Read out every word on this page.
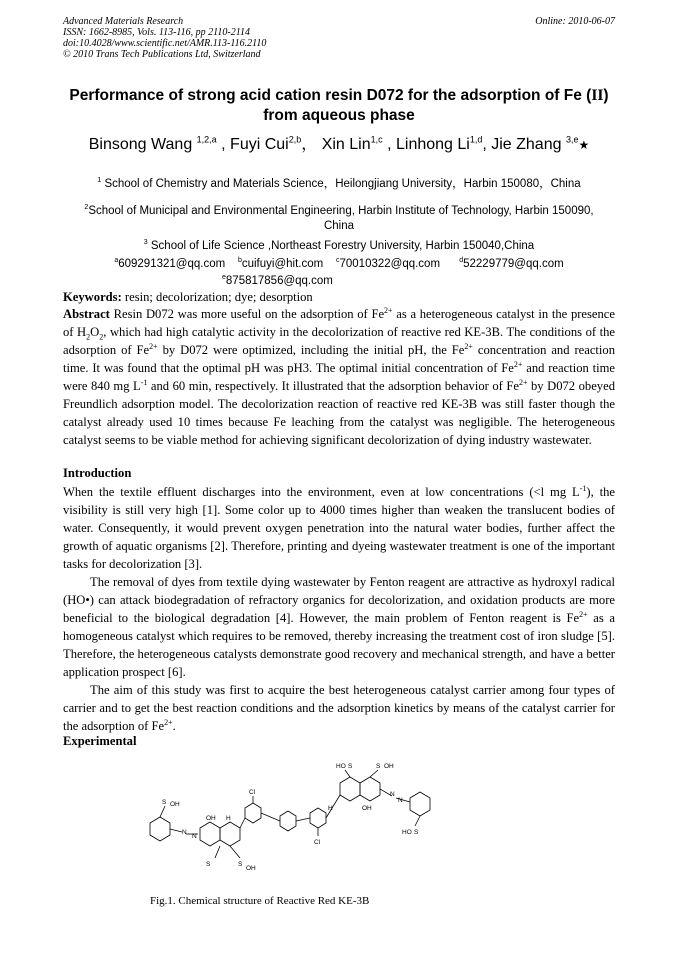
Advanced Materials Research
ISSN: 1662-8985, Vols. 113-116, pp 2110-2114
doi:10.4028/www.scientific.net/AMR.113-116.2110
© 2010 Trans Tech Publications Ltd, Switzerland
Online: 2010-06-07
Performance of strong acid cation resin D072 for the adsorption of Fe (II)
from aqueous phase
Binsong Wang $^{1,2,a}$ , Fuyi Cui$^{2,b}$， Xin Lin$^{1,c}$ , Linhong Li$^{1,d}$, Jie Zhang $^{3,e}$★
$^1$ School of Chemistry and Materials Science，Heilongjiang University，Harbin 150080，China
$^2$School of Municipal and Environmental Engineering, Harbin Institute of Technology, Harbin 150090,
China
$^3$ School of Life Science ,Northeast Forestry University, Harbin 150040,China
$^a$609291321@qq.com $^b$cuifuyi@hit.com $^c$70010322@qq.com	$^d$52229779@qq.com
$^e$875817856@qq.com
Keywords: resin; decolorization; dye; desorption

Abstract Resin D072 was more useful on the adsorption of $Fe^{2+}$ as a heterogeneous catalyst in the presence of $H_2O_2$, which had high catalytic activity in the decolorization of reactive red KE-3B. The conditions of the adsorption of $Fe^{2+}$ by D072 were optimized, including the initial pH, the $Fe^{2+}$ concentration and reaction time. It was found that the optimal pH was pH3. The optimal initial concentration of $Fe^{2+}$ and reaction time were 840 mg $L^{-1}$ and 60 min, respectively. It illustrated that the adsorption behavior of $Fe^{2+}$ by D072 obeyed Freundlich adsorption model. The decolorization reaction of reactive red KE-3B was still faster though the catalyst already used 10 times because Fe leaching from the catalyst was negligible. The heterogeneous catalyst seems to be viable method for achieving significant decolorization of dying industry wastewater.

Introduction

When the textile effluent discharges into the environment, even at low concentrations (<l mg $L^{-1}$), the visibility is still very high [1]. Some color up to 4000 times higher than weaken the translucent bodies of water. Consequently, it would prevent oxygen penetration into the natural water bodies, further affect the growth of aquatic organisms [2]. Therefore, printing and dyeing wastewater treatment is one of the important tasks for decolorization [3].

The removal of dyes from textile dying wastewater by Fenton reagent are attractive as hydroxyl radical (HO•) can attack biodegradation of refractory organics for decolorization, and oxidation products are more beneficial to the biological degradation [4]. However, the main problem of Fenton reagent is $Fe^{2+}$ as a homogeneous catalyst which requires to be removed, thereby increasing the treatment cost of iron sludge [5]. Therefore, the heterogeneous catalysts demonstrate good recovery and mechanical strength, and have a better application prospect [6].

The aim of this study was first to acquire the best heterogeneous catalyst carrier among four types of carrier and to get the best reaction conditions and the adsorption kinetics by means of the catalyst carrier for the adsorption of $Fe^{2+}$.

Experimental
S OH
N
N
OH H
Cl
S	S
OH
Cl
H
HO S	S OH
OH
N
N
HO S
Fig.1. Chemical structure of Reactive Red KE-3B
